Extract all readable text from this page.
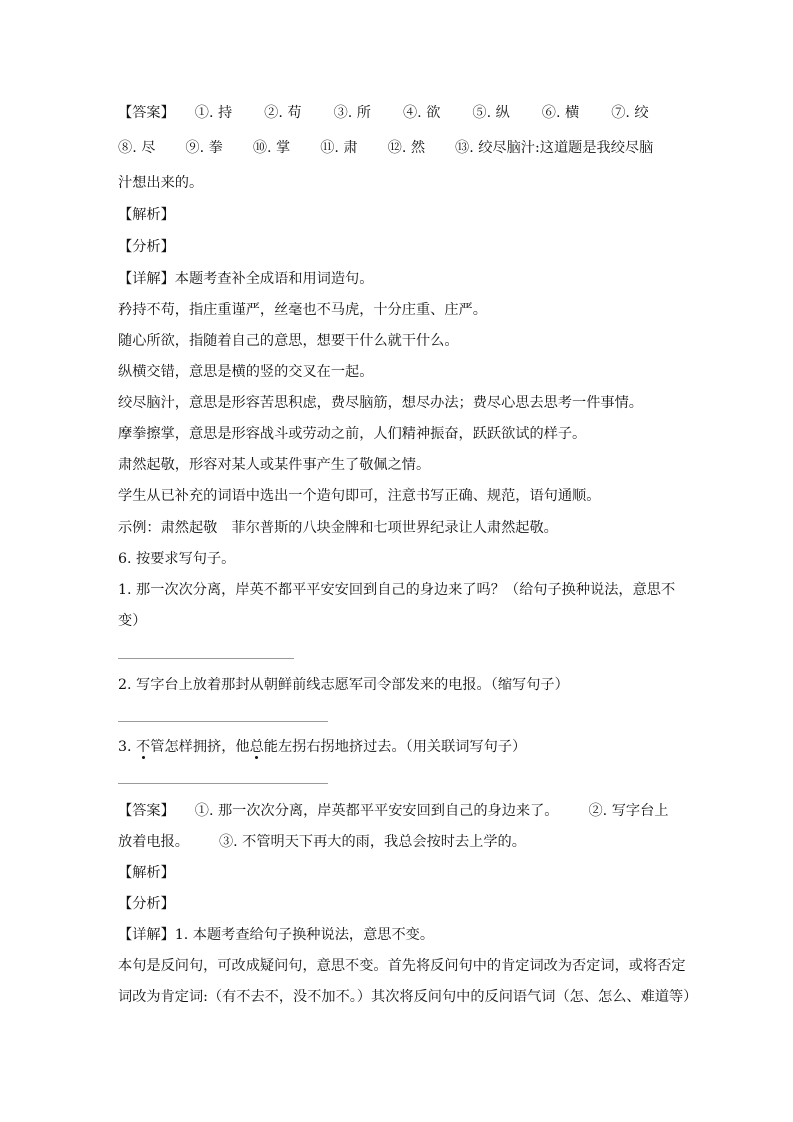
【答案】 ①. 持 ②. 苟 ③. 所 ④. 欲 ⑤. 纵 ⑥. 横 ⑦. 绞
⑧. 尽 ⑨. 拳 ⑩. 掌 ⑪. 肃 ⑫. 然 ⑬. 绞尽脑汁:这道题是我绞尽脑
汁想出来的。
【解析】
【分析】
【详解】本题考查补全成语和用词造句。
矜持不苟，指庄重谨严，丝毫也不马虎，十分庄重、庄严。
随心所欲，指随着自己的意思，想要干什么就干什么。
纵横交错，意思是横的竖的交叉在一起。
绞尽脑汁，意思是形容苦思积虑，费尽脑筋，想尽办法；费尽心思去思考一件事情。
摩拳擦掌，意思是形容战斗或劳动之前，人们精神振奋，跃跃欲试的样子。
肃然起敬，形容对某人或某件事产生了敬佩之情。
学生从已补充的词语中选出一个造句即可，注意书写正确、规范，语句通顺。
示例：肃然起敬　菲尔普斯的八块金牌和七项世界纪录让人肃然起敬。
6. 按要求写句子。
1. 那一次次分离，岸英不都平平安安回到自己的身边来了吗？（给句子换种说法，意思不
变）
2. 写字台上放着那封从朝鲜前线志愿军司令部发来的电报。（缩写句子）
3. 不管怎样拥挤，他总能左拐右拐地挤过去。（用关联词写句子）
【答案】 ①. 那一次次分离，岸英都平平安安回到自己的身边来了。 ②. 写字台上
放着电报。 ③. 不管明天下再大的雨，我总会按时去上学的。
【解析】
【分析】
【详解】1. 本题考查给句子换种说法，意思不变。
本句是反问句，可改成疑问句，意思不变。首先将反问句中的肯定词改为否定词，或将否定
词改为肯定词:（有不去不，没不加不。）其次将反问句中的反问语气词（怎、怎么、难道等）
